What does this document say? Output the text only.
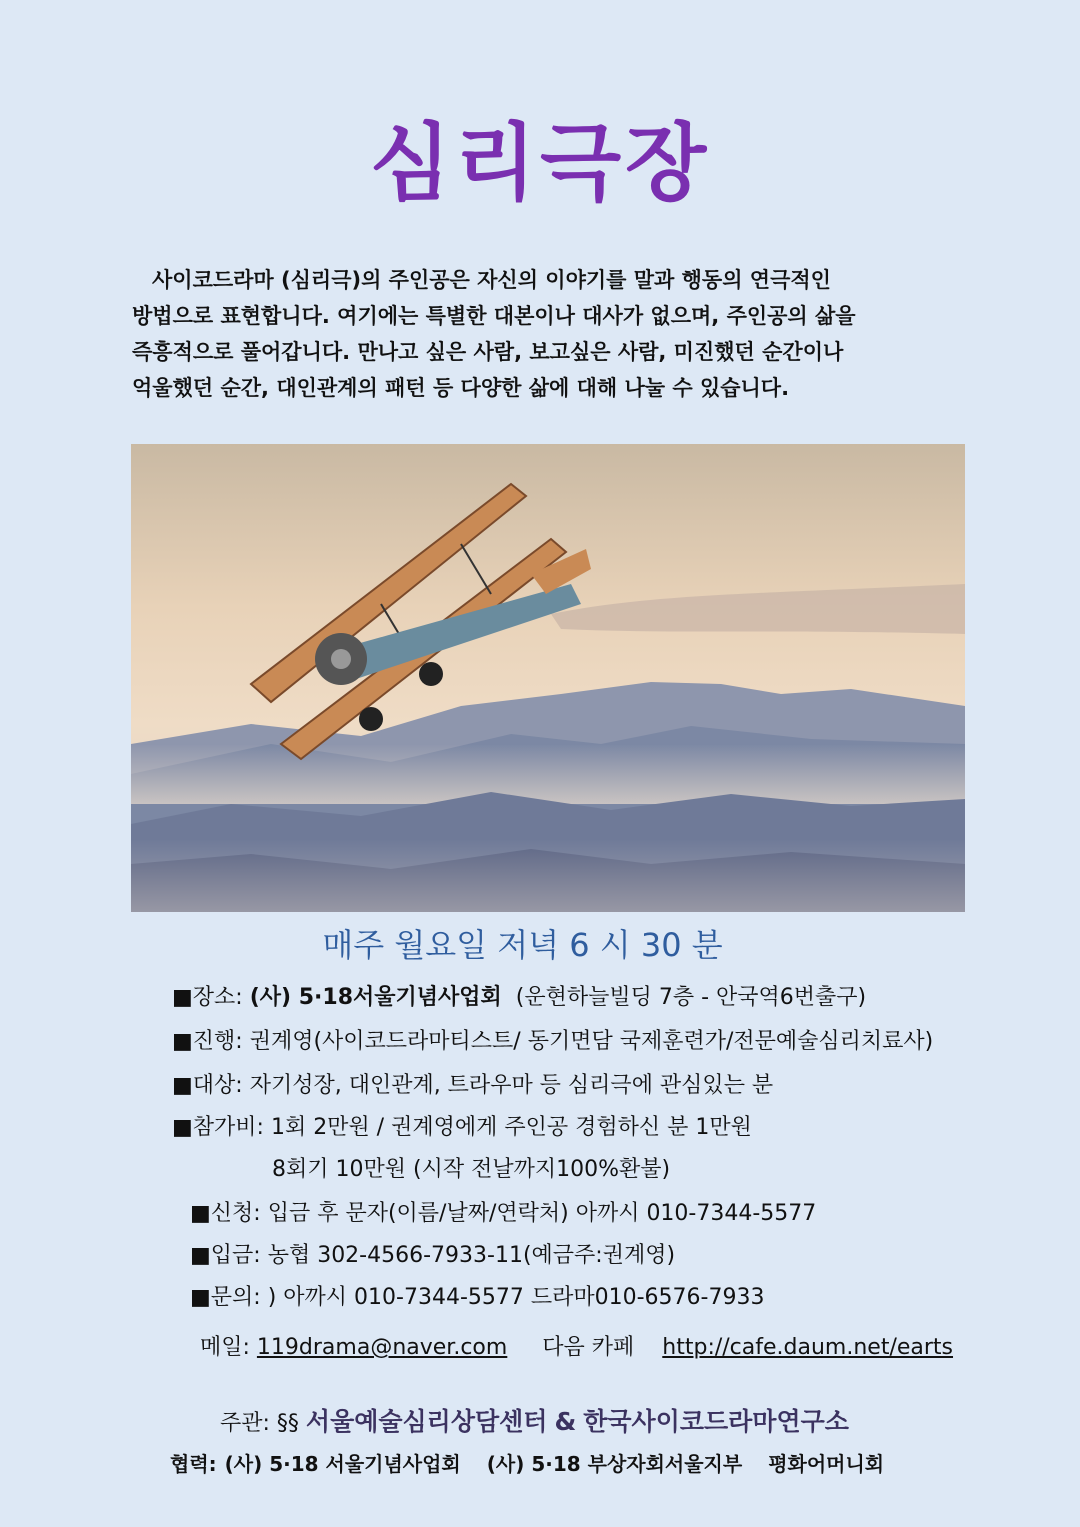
심리극장

사이코드라마 (심리극)의 주인공은 자신의 이야기를 말과 행동의 연극적인

방법으로 표현합니다. 여기에는 특별한 대본이나 대사가 없으며, 주인공의 삶을

즉흥적으로 풀어갑니다. 만나고 싶은 사람, 보고싶은 사람, 미진했던 순간이나

억울했던 순간, 대인관계의 패턴 등 다양한 삶에 대해 나눌 수 있습니다.

매주 월요일 저녁 6 시 30 분
■장소: (사) 5·18서울기념사업회 (운현하늘빌딩 7층 - 안국역6번출구)
■진행: 권계영(사이코드라마티스트/ 동기면담 국제훈련가/전문예술심리치료사)
■대상: 자기성장, 대인관계, 트라우마 등 심리극에 관심있는 분
■참가비: 1회 2만원 / 권계영에게 주인공 경험하신 분 1만원
8회기 10만원 (시작 전날까지100%환불)
■신청: 입금 후 문자(이름/날짜/연락처) 아까시 010-7344-5577
■입금: 농협 302-4566-7933-11(예금주:권계영)
■문의: ) 아까시 010-7344-5577 드라마010-6576-7933
메일: 119drama@naver.com 다음 카페 http://cafe.daum.net/earts
주관: §§ 서울예술심리상담센터 & 한국사이코드라마연구소
협력: (사) 5·18 서울기념사업회 (사) 5·18 부상자회서울지부 평화어머니회
